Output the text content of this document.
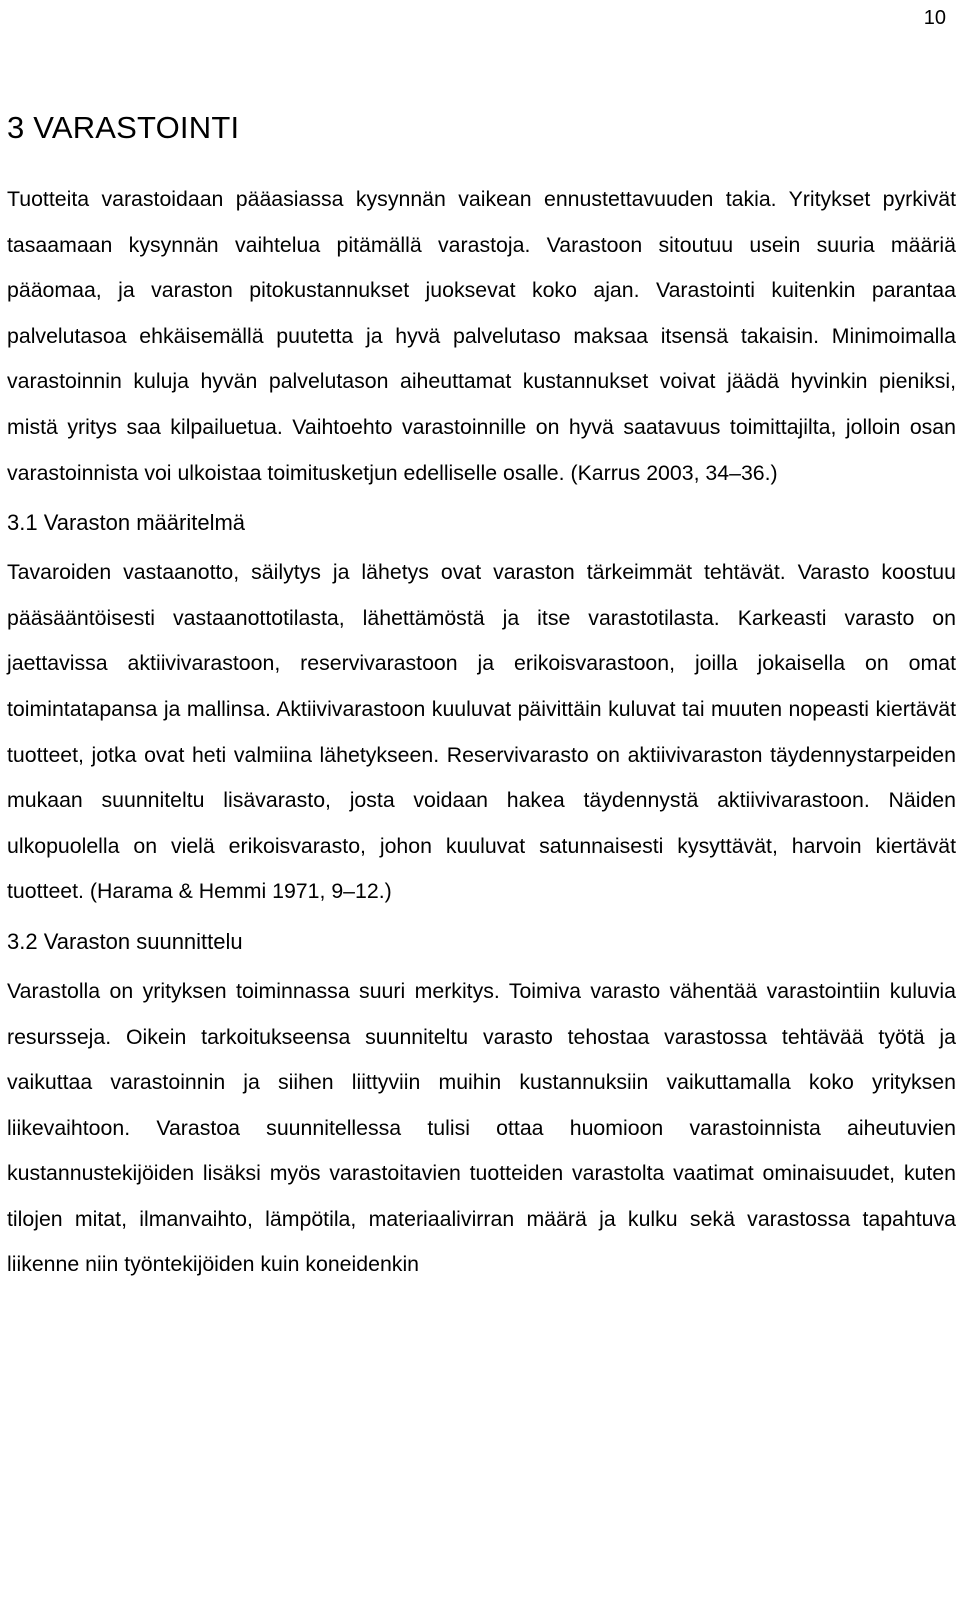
10
3 VARASTOINTI

Tuotteita varastoidaan pääasiassa kysynnän vaikean ennustettavuuden takia. Yritykset pyrkivät tasaamaan kysynnän vaihtelua pitämällä varastoja. Varastoon sitoutuu usein suuria määriä pääomaa, ja varaston pitokustannukset juoksevat koko ajan. Varastointi kuitenkin parantaa palvelutasoa ehkäisemällä puutetta ja hyvä palvelutaso maksaa itsensä takaisin. Minimoimalla varastoinnin kuluja hyvän palvelutason aiheuttamat kustannukset voivat jäädä hyvinkin pieniksi, mistä yritys saa kilpailuetua. Vaihtoehto varastoinnille on hyvä saatavuus toimittajilta, jolloin osan varastoinnista voi ulkoistaa toimitusketjun edelliselle osalle. (Karrus 2003, 34–36.)

3.1 Varaston määritelmä

Tavaroiden vastaanotto, säilytys ja lähetys ovat varaston tärkeimmät tehtävät. Varasto koostuu pääsääntöisesti vastaanottotilasta, lähettämöstä ja itse varastotilasta. Karkeasti varasto on jaettavissa aktiivivarastoon, reservivarastoon ja erikoisvarastoon, joilla jokaisella on omat toimintatapansa ja mallinsa. Aktiivivarastoon kuuluvat päivittäin kuluvat tai muuten nopeasti kiertävät tuotteet, jotka ovat heti valmiina lähetykseen. Reservivarasto on aktiivivaraston täydennystarpeiden mukaan suunniteltu lisävarasto, josta voidaan hakea täydennystä aktiivivarastoon. Näiden ulkopuolella on vielä erikoisvarasto, johon kuuluvat satunnaisesti kysyttävät, harvoin kiertävät tuotteet. (Harama & Hemmi 1971, 9–12.)

3.2 Varaston suunnittelu

Varastolla on yrityksen toiminnassa suuri merkitys. Toimiva varasto vähentää varastointiin kuluvia resursseja. Oikein tarkoitukseensa suunniteltu varasto tehostaa varastossa tehtävää työtä ja vaikuttaa varastoinnin ja siihen liittyviin muihin kustannuksiin vaikuttamalla koko yrityksen liikevaihtoon. Varastoa suunnitellessa tulisi ottaa huomioon varastoinnista aiheutuvien kustannustekijöiden lisäksi myös varastoitavien tuotteiden varastolta vaatimat ominaisuudet, kuten tilojen mitat, ilmanvaihto, lämpötila, materiaalivirran määrä ja kulku sekä varastossa tapahtuva liikenne niin työntekijöiden kuin koneidenkin
